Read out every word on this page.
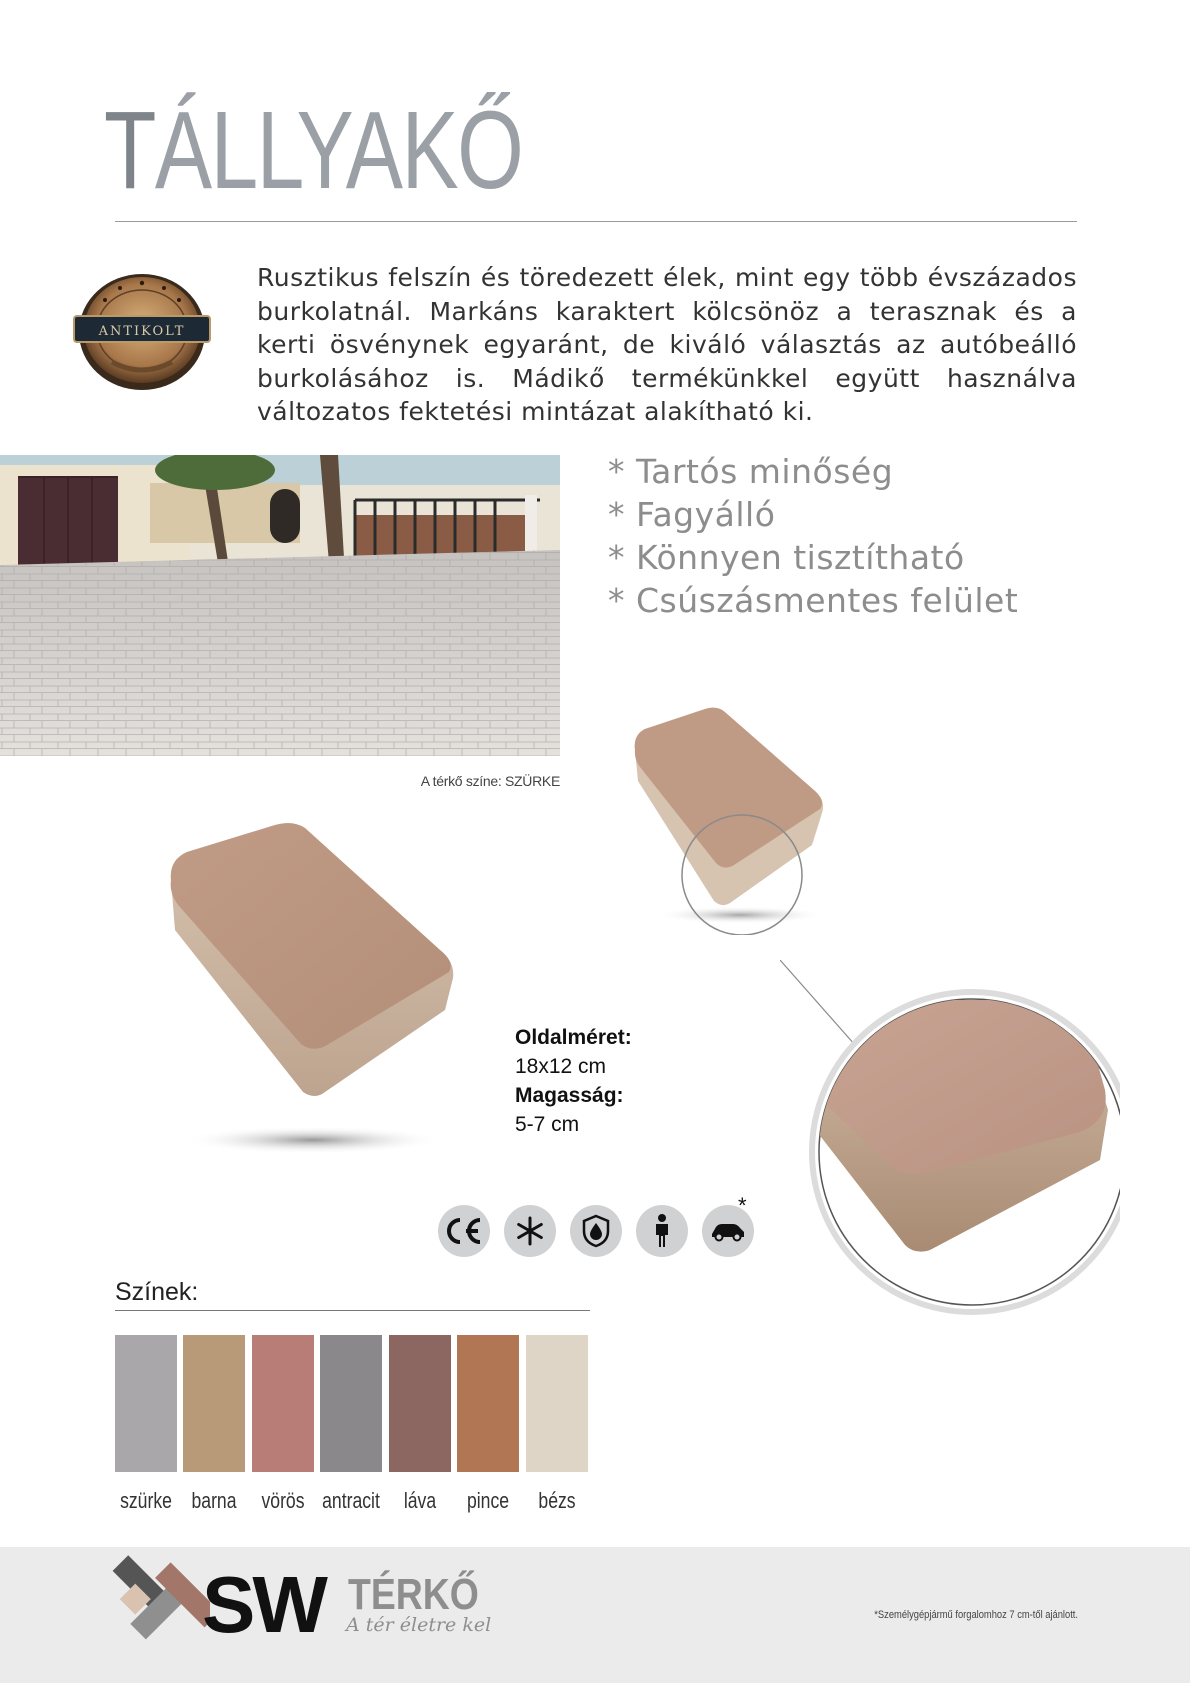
TÁLLYAKŐ
ANTIKOLT
Rusztikus felszín és töredezett élek, mint egy több évszázados burkolatnál. Markáns karaktert kölcsönöz a terasznak és a kerti ösvénynek egyaránt, de kiváló választás az autóbeálló burkolásához is. Mádikő termékünkkel együtt használva változatos fektetési mintázat alakítható ki.
* Tartós minőség
* Fagyálló
* Könnyen tisztítható
* Csúszásmentes felület
A térkő színe: SZÜRKE
Oldalméret:
18x12 cm
Magasság:
5-7 cm
*
Színek:
szürke barna	vörös antracit	láva	pince	bézs
SW TÉRKŐ
A tér életre kel	*Személygépjármű forgalomhoz 7 cm-től ajánlott.
